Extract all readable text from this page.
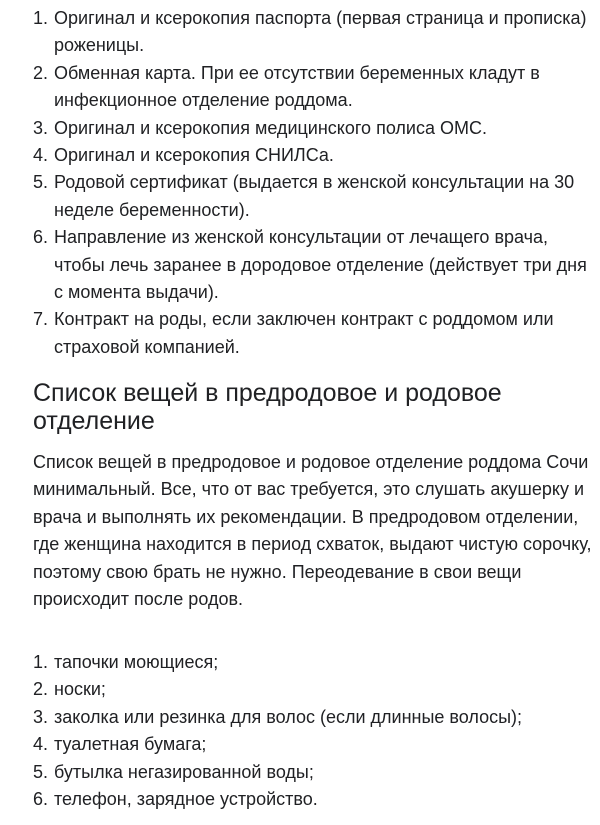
1. Оригинал и ксерокопия паспорта (первая страница и прописка) роженицы.
2. Обменная карта. При ее отсутствии беременных кладут в инфекционное отделение роддома.
3. Оригинал и ксерокопия медицинского полиса ОМС.
4. Оригинал и ксерокопия СНИЛСа.
5. Родовой сертификат (выдается в женской консультации на 30 неделе беременности).
6. Направление из женской консультации от лечащего врача, чтобы лечь заранее в дородовое отделение (действует три дня с момента выдачи).
7. Контракт на роды, если заключен контракт с роддомом или страховой компанией.
Список вещей в предродовое и родовое отделение

Список вещей в предродовое и родовое отделение роддома Сочи минимальный. Все, что от вас требуется, это слушать акушерку и врача и выполнять их рекомендации. В предродовом отделении, где женщина находится в период схваток, выдают чистую сорочку, поэтому свою брать не нужно. Переодевание в свои вещи происходит после родов.

1. тапочки моющиеся;
2. носки;
3. заколка или резинка для волос (если длинные волосы);
4. туалетная бумага;
5. бутылка негазированной воды;
6. телефон, зарядное устройство.
